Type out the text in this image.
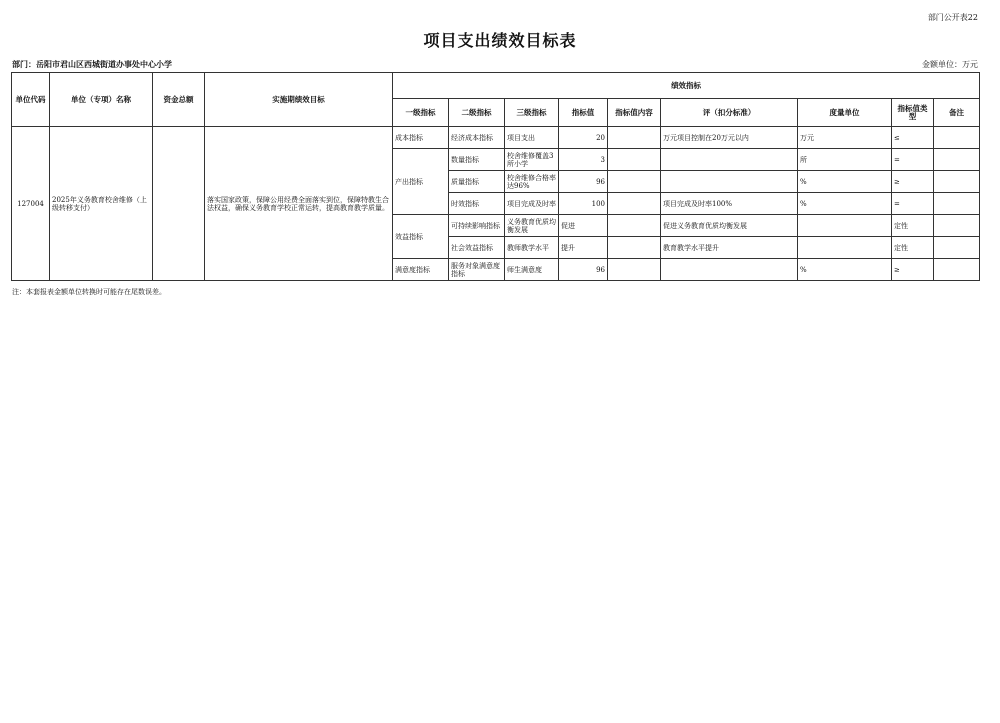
部门公开表22
项目支出绩效目标表
部门：岳阳市君山区西城街道办事处中心小学	金额单位：万元
单位代码	单位（专项）名称	资金总额	实施期绩效目标	绩效指标								
				一级指标	二级指标	三级指标	指标值	指标值内容	评（扣分标准）	度量单位	指标值类型	备注
127004	2025年义务教育校舍维修（上级转移支付）		落实国家政策，保障公用经费全面落实到位，保障特教生合法权益，确保义务教育学校正常运转，提高教育教学质量。	成本指标	经济成本指标	项目支出	20		万元项目控制在20万元以内	万元	≤	
				产出指标	数量指标	校舍维修覆盖3所小学	3			所	=	
					质量指标	校舍维修合格率达96%	96			%	≥	
					时效指标	项目完成及时率	100		项目完成及时率100%	%	=	
				效益指标	可持续影响指标	义务教育优质均衡发展	促进		促进义务教育优质均衡发展		定性	
					社会效益指标	教师教学水平	提升		教育教学水平提升		定性	
				满意度指标	服务对象满意度指标	师生满意度	96			%	≥	
注：本套报表金额单位转换时可能存在尾数误差。
